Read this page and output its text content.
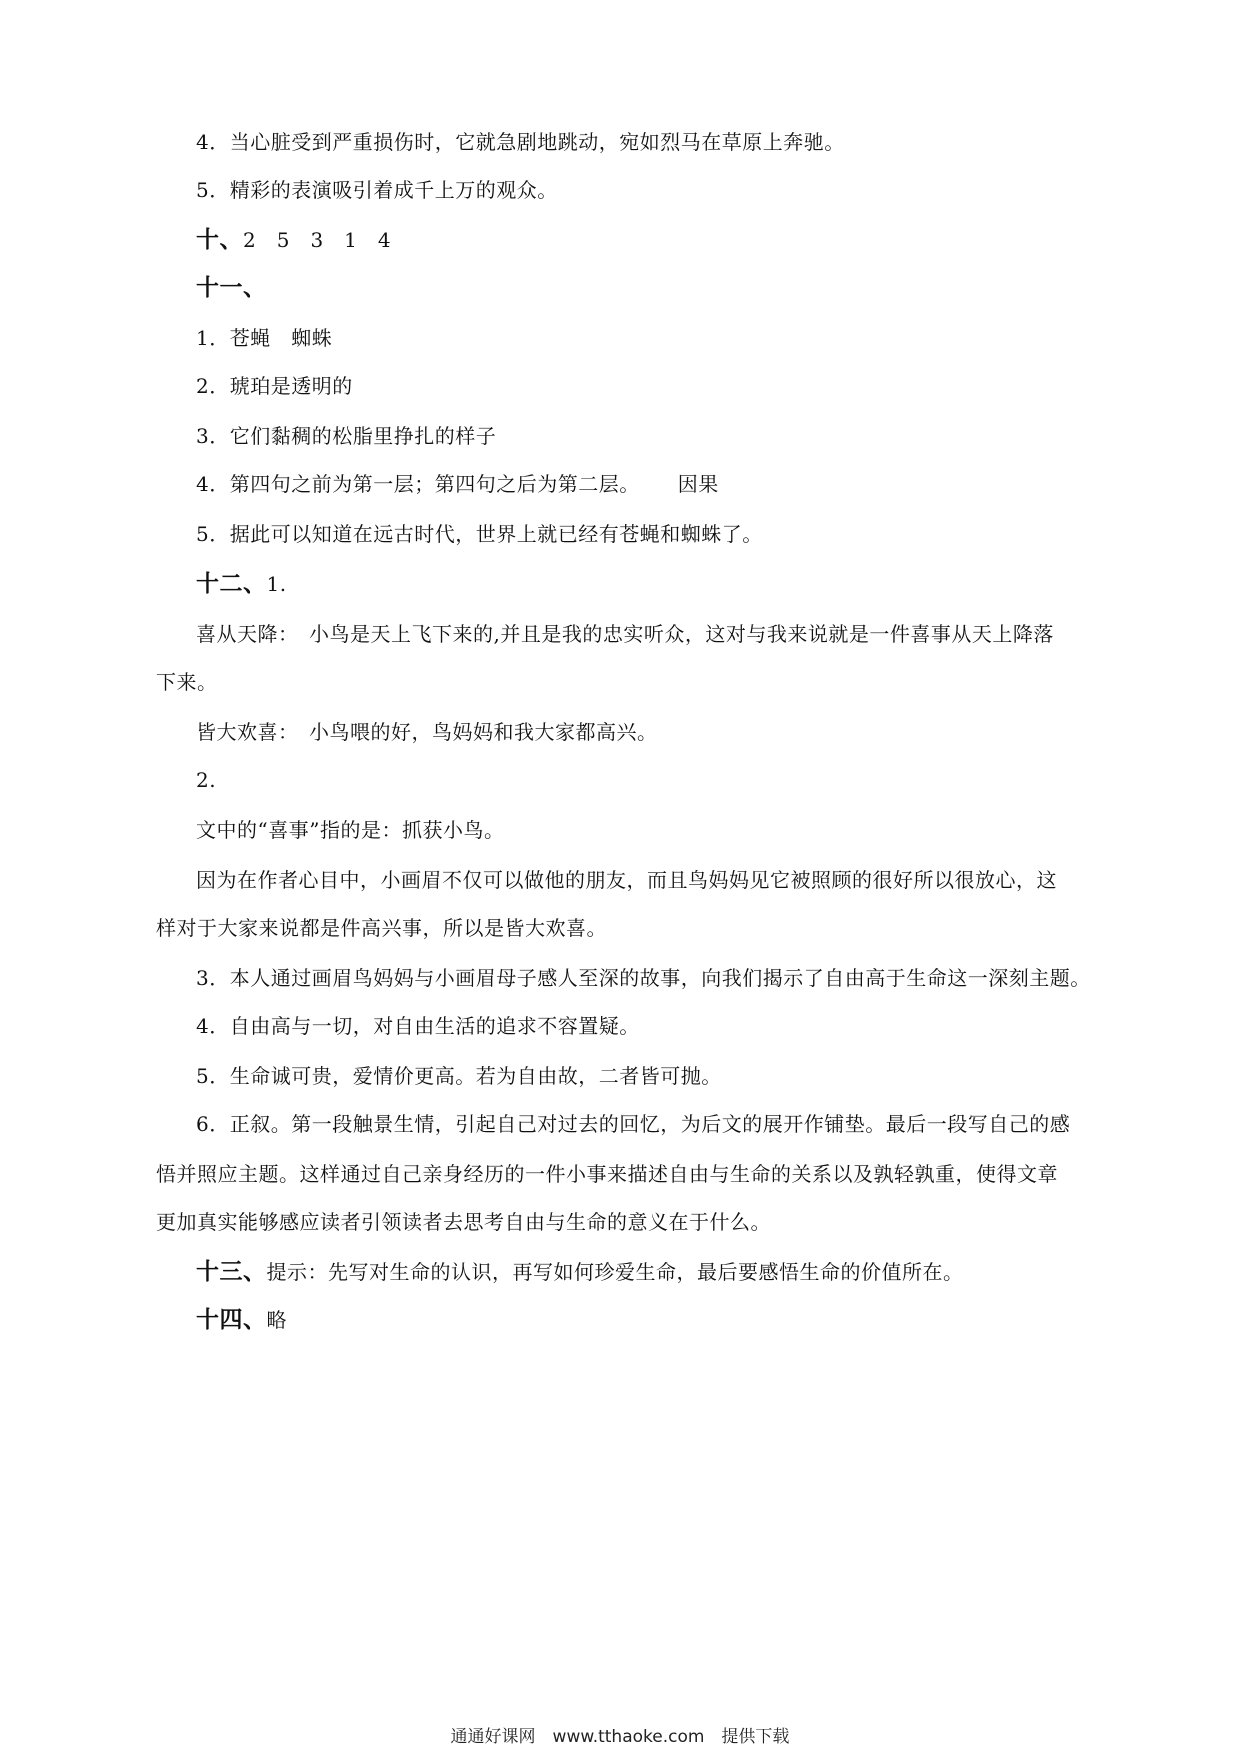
4．当心脏受到严重损伤时，它就急剧地跳动，宛如烈马在草原上奔驰。
5．精彩的表演吸引着成千上万的观众。
十、2　5　3　1　4
十一、
1．苍蝇　蜘蛛
2．琥珀是透明的
3．它们黏稠的松脂里挣扎的样子
4．第四句之前为第一层；第四句之后为第二层。 因果
5．据此可以知道在远古时代，世界上就已经有苍蝇和蜘蛛了。
十二、1.
喜从天降：　小鸟是天上飞下来的,并且是我的忠实听众，这对与我来说就是一件喜事从天上降落
下来。
皆大欢喜：　小鸟喂的好，鸟妈妈和我大家都高兴。
2.
文中的“喜事”指的是：抓获小鸟。
因为在作者心目中，小画眉不仅可以做他的朋友，而且鸟妈妈见它被照顾的很好所以很放心，这
样对于大家来说都是件高兴事，所以是皆大欢喜。
3．本人通过画眉鸟妈妈与小画眉母子感人至深的故事，向我们揭示了自由高于生命这一深刻主题。
4．自由高与一切，对自由生活的追求不容置疑。
5．生命诚可贵，爱情价更高。若为自由故，二者皆可抛。
6．正叙。第一段触景生情，引起自己对过去的回忆，为后文的展开作铺垫。最后一段写自己的感
悟并照应主题。这样通过自己亲身经历的一件小事来描述自由与生命的关系以及孰轻孰重，使得文章
更加真实能够感应读者引领读者去思考自由与生命的意义在于什么。
十三、提示：先写对生命的认识，再写如何珍爱生命，最后要感悟生命的价值所在。
十四、略
通通好课网　www.tthaoke.com　提供下载
